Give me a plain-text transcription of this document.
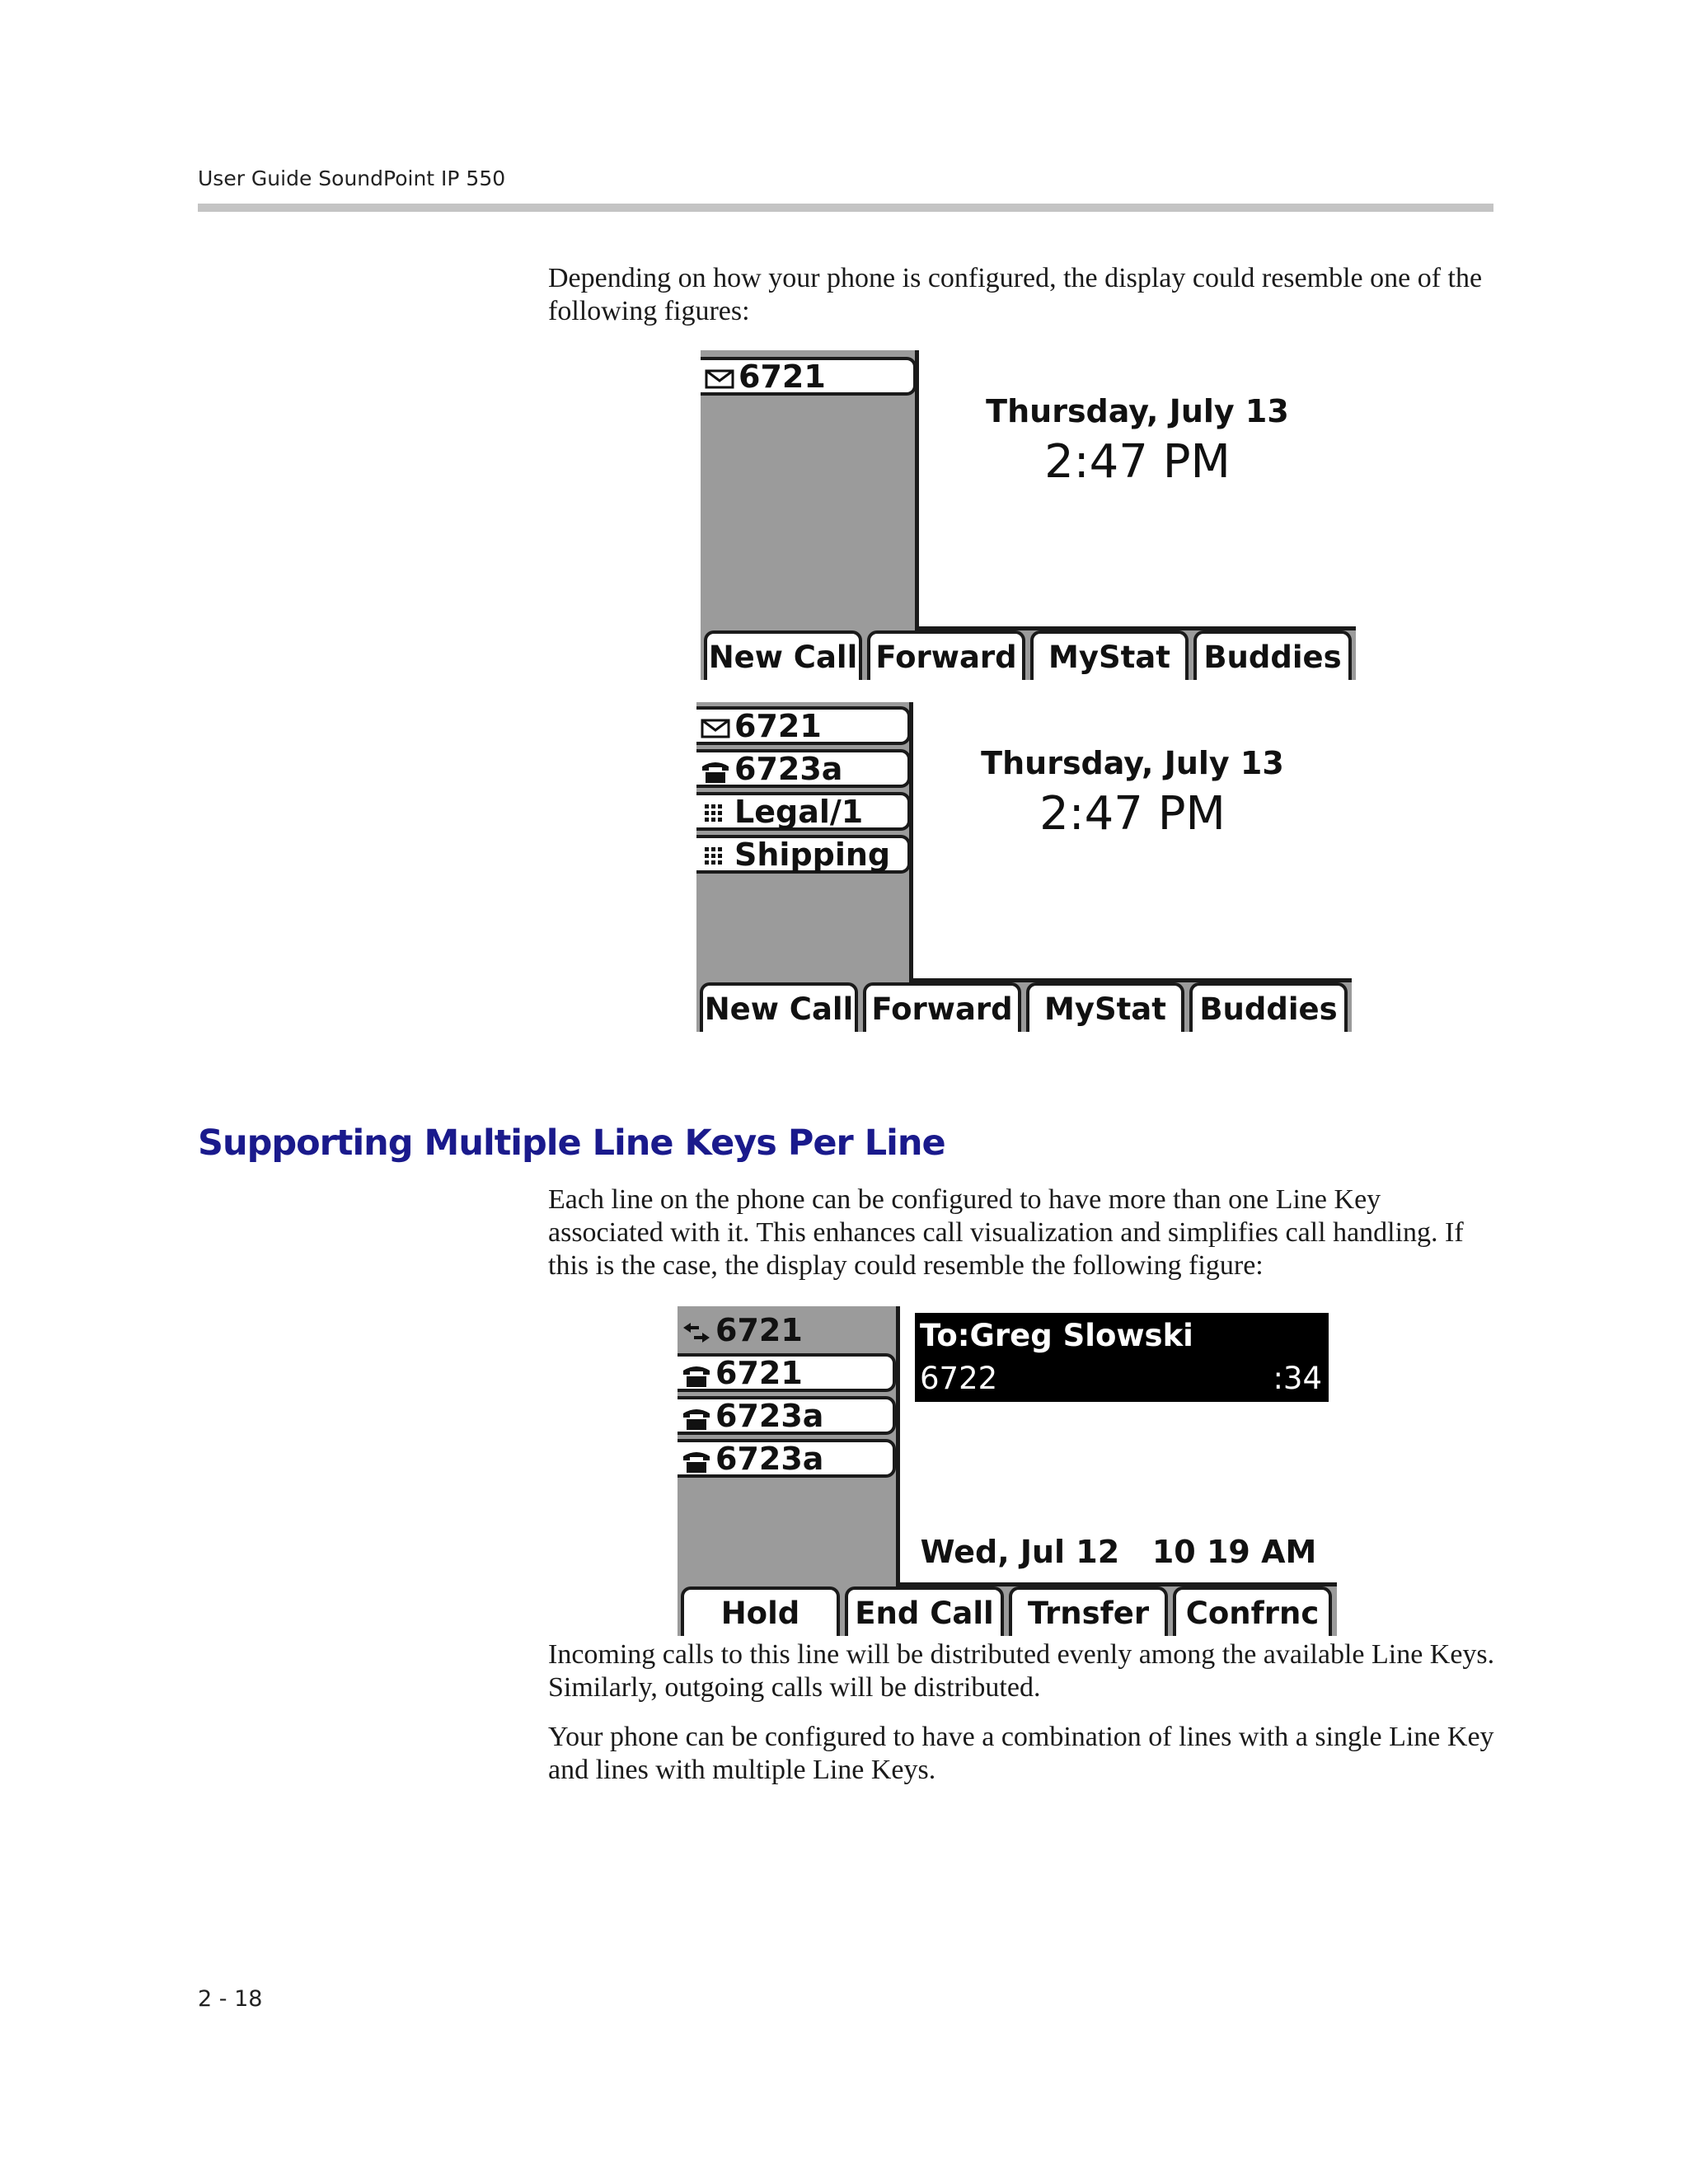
User Guide SoundPoint IP 550

Depending on how your phone is configured, the display could resemble one of the following figures:

6721
Thursday, July 13
2:47 PM
New Call Forward	MyStat	Buddies
6721
6723a
Legal/1
Shipping
Thursday, July 13
2:47 PM
New Call Forward	MyStat	Buddies
Supporting Multiple Line Keys Per Line

Each line on the phone can be configured to have more than one Line Key associated with it. This enhances call visualization and simplifies call handling. If this is the case, the display could resemble the following figure:

6721
6721
6723a
6723a
To:Greg Slowski
6722	:34
Wed, Jul 12   10 19 AM
Hold	End Call	Trnsfer	Confrnc

Incoming calls to this line will be distributed evenly among the available Line Keys. Similarly, outgoing calls will be distributed.

Your phone can be configured to have a combination of lines with a single Line Key and lines with multiple Line Keys.

2 - 18
